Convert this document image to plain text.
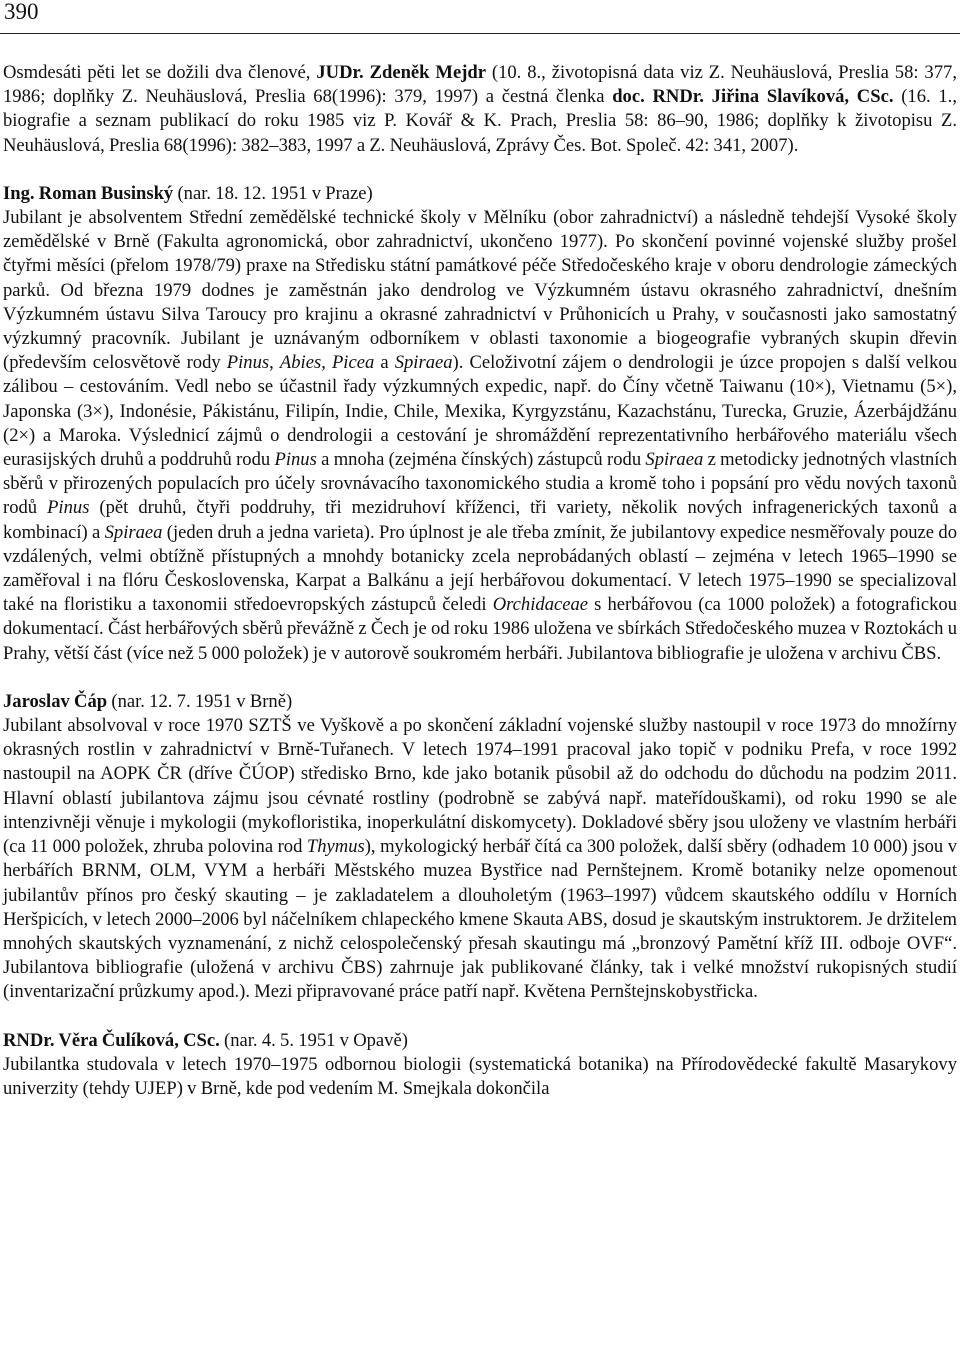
390

Osmdesáti pěti let se dožili dva členové, JUDr. Zdeněk Mejdr (10. 8., životopisná data viz Z. Neuhäuslová, Preslia 58: 377, 1986; doplňky Z. Neuhäuslová, Preslia 68(1996): 379, 1997) a čestná členka doc. RNDr. Jiřina Slavíková, CSc. (16. 1., biografie a seznam publikací do roku 1985 viz P. Kovář & K. Prach, Preslia 58: 86–90, 1986; doplňky k životopisu Z. Neuhäuslová, Preslia 68(1996): 382–383, 1997 a Z. Neuhäuslová, Zprávy Čes. Bot. Společ. 42: 341, 2007).

Ing. Roman Businský (nar. 18. 12. 1951 v Praze)

Jubilant je absolventem Střední zemědělské technické školy v Mělníku (obor zahradnictví) a následně tehdejší Vysoké školy zemědělské v Brně (Fakulta agronomická, obor zahradnictví, ukončeno 1977). Po skončení povinné vojenské služby prošel čtyřmi měsíci (přelom 1978/79) praxe na Středisku státní památkové péče Středočeského kraje v oboru dendrologie zámeckých parků. Od března 1979 dodnes je zaměstnán jako dendrolog ve Výzkumném ústavu okrasného zahradnictví, dnešním Výzkumném ústavu Silva Taroucy pro krajinu a okrasné zahradnictví v Průhonicích u Prahy, v současnosti jako samostatný výzkumný pracovník. Jubilant je uznávaným odborníkem v oblasti taxonomie a biogeografie vybraných skupin dřevin (především celosvětově rody Pinus, Abies, Picea a Spiraea). Celoživotní zájem o dendrologii je úzce propojen s další velkou zálibou – cestováním. Vedl nebo se účastnil řady výzkumných expedic, např. do Číny včetně Taiwanu (10×), Vietnamu (5×), Japonska (3×), Indonésie, Pákistánu, Filipín, Indie, Chile, Mexika, Kyrgyzstánu, Kazachstánu, Turecka, Gruzie, Ázerbájdžánu (2×) a Maroka. Výslednicí zájmů o dendrologii a cestování je shromáždění reprezentativního herbářového materiálu všech eurasijských druhů a poddruhů rodu Pinus a mnoha (zejména čínských) zástupců rodu Spiraea z metodicky jednotných vlastních sběrů v přirozených populacích pro účely srovnávacího taxonomického studia a kromě toho i popsání pro vědu nových taxonů rodů Pinus (pět druhů, čtyři poddruhy, tři mezidruhoví kříženci, tři variety, několik nových infragenerických taxonů a kombinací) a Spiraea (jeden druh a jedna varieta). Pro úplnost je ale třeba zmínit, že jubilantovy expedice nesměřovaly pouze do vzdálených, velmi obtížně přístupných a mnohdy botanicky zcela neprobádaných oblastí – zejména v letech 1965–1990 se zaměřoval i na flóru Československa, Karpat a Balkánu a její herbářovou dokumentací. V letech 1975–1990 se specializoval také na floristiku a taxonomii středoevropských zástupců čeledi Orchidaceae s herbářovou (ca 1000 položek) a fotografickou dokumentací. Část herbářových sběrů převážně z Čech je od roku 1986 uložena ve sbírkách Středočeského muzea v Roztokách u Prahy, větší část (více než 5 000 položek) je v autorově soukromém herbáři. Jubilantova bibliografie je uložena v archivu ČBS.

Jaroslav Čáp (nar. 12. 7. 1951 v Brně)

Jubilant absolvoval v roce 1970 SZTŠ ve Vyškově a po skončení základní vojenské služby nastoupil v roce 1973 do množírny okrasných rostlin v zahradnictví v Brně-Tuřanech. V letech 1974–1991 pracoval jako topič v podniku Prefa, v roce 1992 nastoupil na AOPK ČR (dříve ČÚOP) středisko Brno, kde jako botanik působil až do odchodu do důchodu na podzim 2011. Hlavní oblastí jubilantova zájmu jsou cévnaté rostliny (podrobně se zabývá např. mateřídouškami), od roku 1990 se ale intenzivněji věnuje i mykologii (mykofloristika, inoperkulátní diskomycety). Dokladové sběry jsou uloženy ve vlastním herbáři (ca 11 000 položek, zhruba polovina rod Thymus), mykologický herbář čítá ca 300 položek, další sběry (odhadem 10 000) jsou v herbářích BRNM, OLM, VYM a herbáři Městského muzea Bystřice nad Pernštejnem. Kromě botaniky nelze opomenout jubilantův přínos pro český skauting – je zakladatelem a dlouholetým (1963–1997) vůdcem skautského oddílu v Horních Heršpicích, v letech 2000–2006 byl náčelníkem chlapeckého kmene Skauta ABS, dosud je skautským instruktorem. Je držitelem mnohých skautských vyznamenání, z nichž celospolečenský přesah skautingu má „bronzový Pamětní kříž III. odboje OVF“. Jubilantova bibliografie (uložená v archivu ČBS) zahrnuje jak publikované články, tak i velké množství rukopisných studií (inventarizační průzkumy apod.). Mezi připravované práce patří např. Květena Pernštejnskobystřicka.

RNDr. Věra Čulíková, CSc. (nar. 4. 5. 1951 v Opavě)

Jubilantka studovala v letech 1970–1975 odbornou biologii (systematická botanika) na Přírodovědecké fakultě Masarykovy univerzity (tehdy UJEP) v Brně, kde pod vedením M. Smejkala dokončila
